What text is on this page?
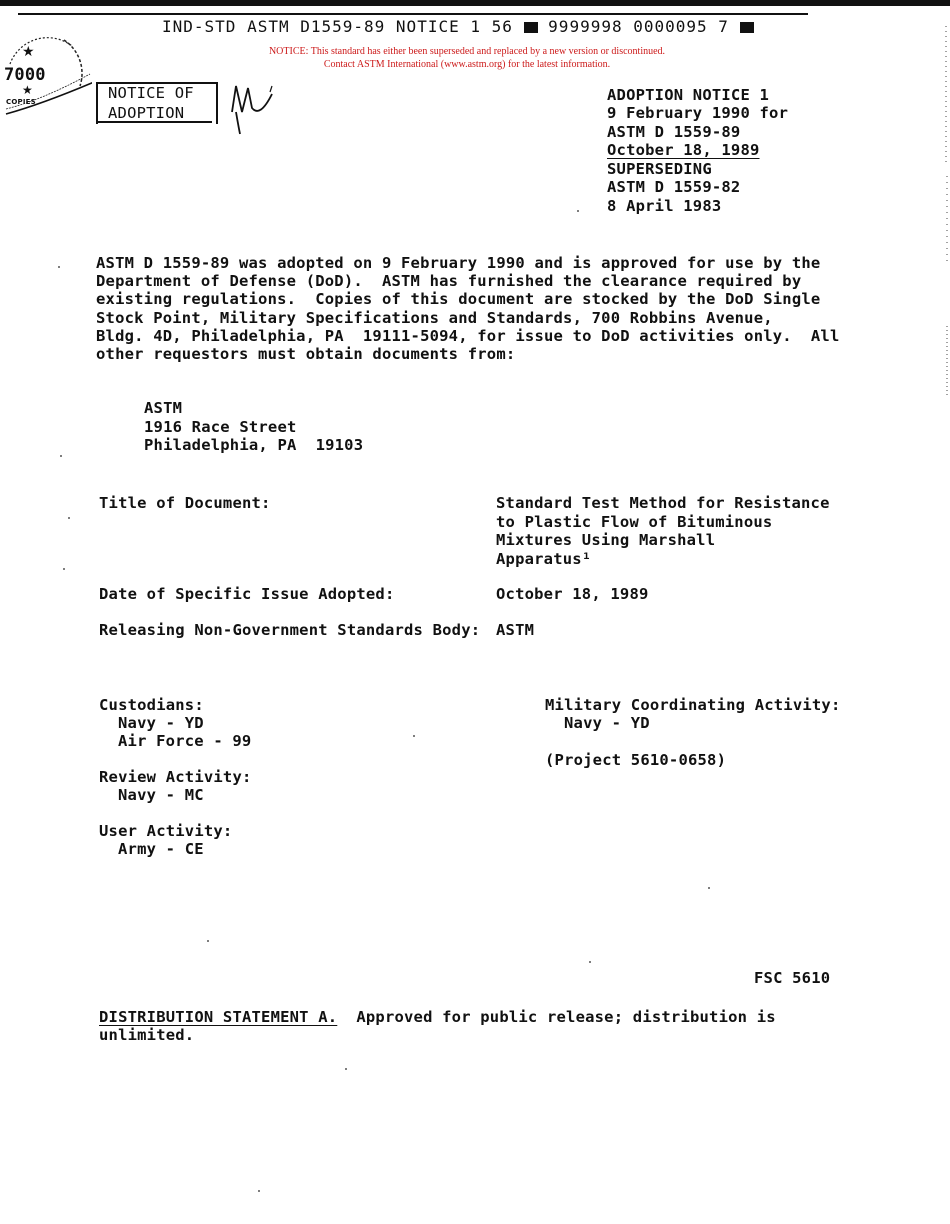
IND-STD ASTM D1559-89 NOTICE 1 56 9999998 0000095 7
NOTICE: This standard has either been superseded and replaced by a new version or discontinued.
Contact ASTM International (www.astm.org) for the latest information.
★
7000
★
COPIES	NOTICE OF
ADOPTION
ADOPTION NOTICE 1
9 February 1990 for
ASTM D 1559-89
October 18, 1989
SUPERSEDING
ASTM D 1559-82
8 April 1983
ASTM D 1559-89 was adopted on 9 February 1990 and is approved for use by the
Department of Defense (DoD).  ASTM has furnished the clearance required by
existing regulations.  Copies of this document are stocked by the DoD Single
Stock Point, Military Specifications and Standards, 700 Robbins Avenue,
Bldg. 4D, Philadelphia, PA  19111-5094, for issue to DoD activities only.  All
other requestors must obtain documents from:
ASTM
1916 Race Street
Philadelphia, PA  19103
Title of Document:	Standard Test Method for Resistance
to Plastic Flow of Bituminous
Mixtures Using Marshall
Apparatus¹
Date of Specific Issue Adopted:	October 18, 1989
Releasing Non-Government Standards Body: ASTM
Custodians:
Navy - YD
Air Force - 99
Review Activity:
Navy - MC
User Activity:
Army - CE
Military Coordinating Activity:
Navy - YD
(Project 5610-0658)
FSC 5610
DISTRIBUTION STATEMENT A.  Approved for public release; distribution is
unlimited.
